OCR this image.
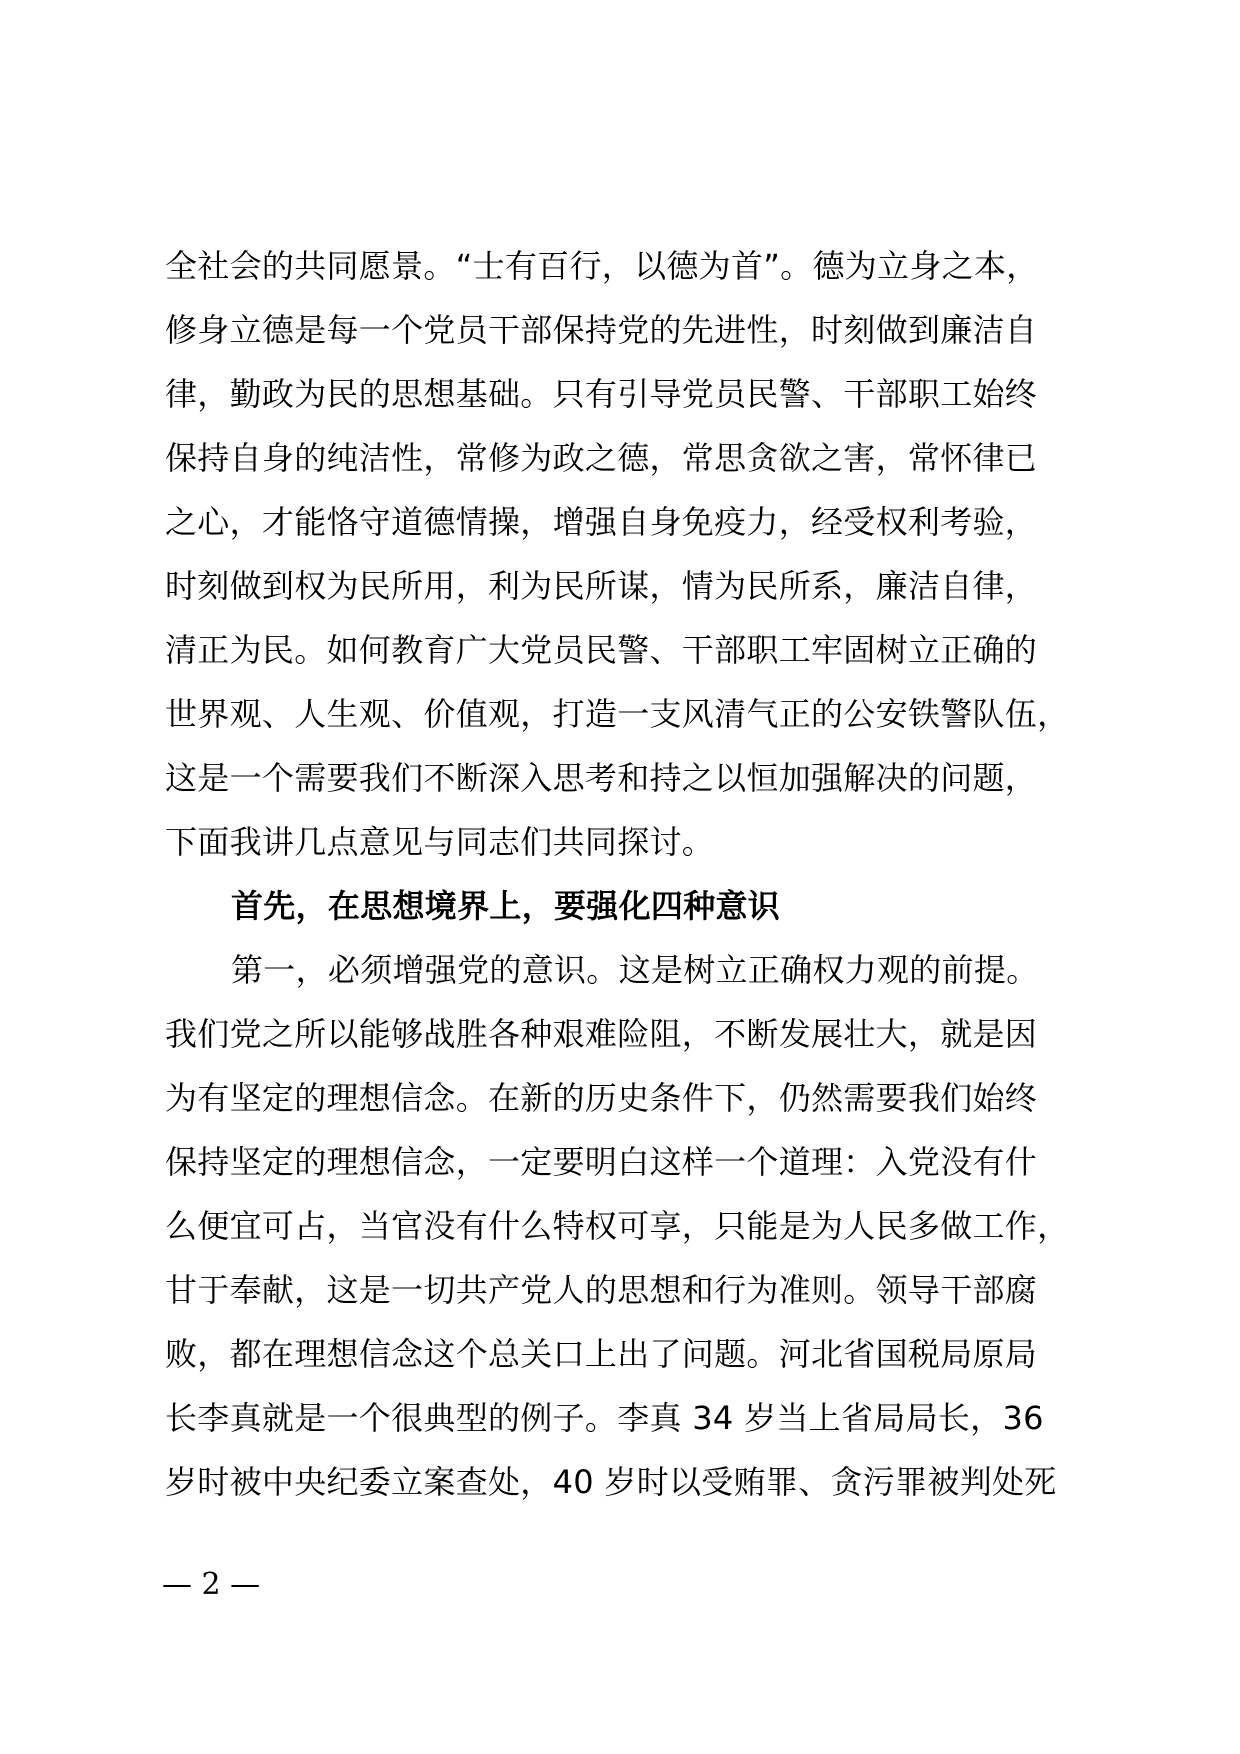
全社会的共同愿景。“士有百行，以德为首”。德为立身之本，
修身立德是每一个党员干部保持党的先进性，时刻做到廉洁自
律，勤政为民的思想基础。只有引导党员民警、干部职工始终
保持自身的纯洁性，常修为政之德，常思贪欲之害，常怀律已
之心，才能恪守道德情操，增强自身免疫力，经受权利考验，
时刻做到权为民所用，利为民所谋，情为民所系，廉洁自律，
清正为民。如何教育广大党员民警、干部职工牢固树立正确的
世界观、人生观、价值观，打造一支风清气正的公安铁警队伍，
这是一个需要我们不断深入思考和持之以恒加强解决的问题，
下面我讲几点意见与同志们共同探讨。
首先，在思想境界上，要强化四种意识
第一，必须增强党的意识。这是树立正确权力观的前提。
我们党之所以能够战胜各种艰难险阻，不断发展壮大，就是因
为有坚定的理想信念。在新的历史条件下，仍然需要我们始终
保持坚定的理想信念，一定要明白这样一个道理：入党没有什
么便宜可占，当官没有什么特权可享，只能是为人民多做工作，
甘于奉献，这是一切共产党人的思想和行为准则。领导干部腐
败，都在理想信念这个总关口上出了问题。河北省国税局原局
长李真就是一个很典型的例子。李真 34 岁当上省局局长，36
岁时被中央纪委立案查处，40 岁时以受贿罪、贪污罪被判处死
— 2 —
